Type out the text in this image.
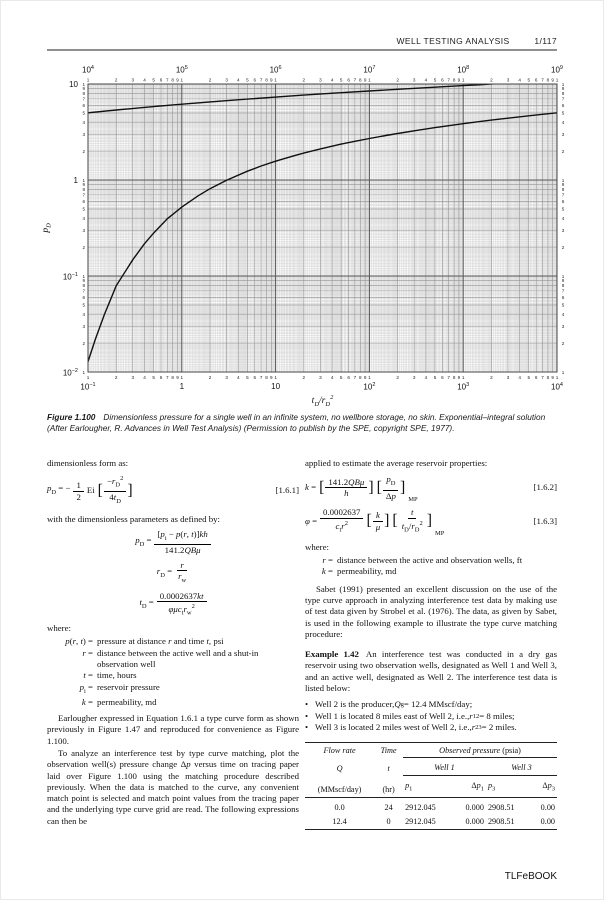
WELL TESTING ANALYSIS	1/117
1
1
2
2
3
3
4
4
5
5
6
6
7
7
8
8
9
9
1
1
2
2
3
3
4
4
5
5
6
6
7
7
8
8
9
9
1
1
2
2
3
3
4
4
5
5
6
6
7
7
8
8
9
9
1
1
2
2
3
3
4
4
5
5
6
6
7
7
8
8
9
9
1
1
2
2
3
3
4
4
5
5
6
6
7
7
8
8
9
9
1
1
1	1
2	2
3	3
4	4
5	5
6	6
7	7
8	8
9	9
1	1
2	2
3	3
4	4
5	5
6	6
7	7
8	8
9	9
1	1
2	2
3	3
4	4
5	5
6	6
7	7
8	8
9	9
1	1
$10^4$	$10^5$	$10^6$	$10^7$	$10^8$	$10^9$
$10^{-1}$	1	10	$10^2$	$10^3$	$10^4$
10
1
$10^{-1}$
$10^{-2}$
$t_D/r_D^2$
$p_D$
Figure 1.100 Dimensionless pressure for a single well in an infinite system, no wellbore storage, no skin. Exponential–integral solution (After Earlougher, R. Advances in Well Test Analysis) (Permission to publish by the SPE, copyright SPE, 1977).
dimensionless form as:
$p_D$ = − $\frac{1}{2}$ Ei [ $\frac{-r_D^2}{4t_D}$
]	[1.6.1]
with the dimensionless parameters as defined by:
$p_D = \frac{[p_i - p(r, t)]kh}{\text{141.2QBμ}}$
$r_D = \frac{r}{r_w}$
$t_D = \frac{0.0002637kt}{\varphi\mu c_tr_w^2}$
where:
p(r, t) = pressure at distance r and time t, psi
r = distance between the active well and a shut-in observation well
t = time, hours
$p_i$ = reservoir pressure
k = permeability, md

Earlougher expressed in Equation 1.6.1 a type curve form as shown previously in Figure 1.47 and reproduced for convenience as Figure 1.100.

To analyze an interference test by type curve matching, plot the observation well(s) pressure change Δp versus time on tracing paper laid over Figure 1.100 using the matching procedure described previously. When the data is matched to the curve, any convenient match point is selected and match point values from the tracing paper and the underlying type curve grid are read. The following expressions can then be

applied to estimate the average reservoir properties:
k = [ $\frac{\text{141.2QBμ}}{h}$
] [ $\frac{p_D}{\Delta p}$
] MP
[1.6.2]
$\varphi = \frac{0.0002637}{c_tr^2}$ [ $\frac{k}{\mu}$
] [ $\frac{t}{t_D/r_D^2}$
] MP
[1.6.3]
where:
r = distance between the active and observation wells, ft
k = permeability, md

Sabet (1991) presented an excellent discussion on the use of the type curve approach in analyzing interference test data by making use of test data given by Strobel et al. (1976). The data, as given by Sabet, is used in the following example to illustrate the type curve matching procedure:

Example 1.42 An interference test was conducted in a dry gas reservoir using two observation wells, designated as Well 1 and Well 3, and an active well, designated as Well 2. The interference test data is listed below:
• Well 2 is the producer, Q g = 12.4 MMscf/day;
• Well 1 is located 8 miles east of Well 2, i.e., r 12 = 8 miles;
• Well 3 is located 2 miles west of Well 2, i.e., r 23 = 2 miles.
Flow rate	Time	Observed pressure (psia)			
Q	t	Well 1		Well 3	
(MMscf/day)	(hr)	$p_1$	$\Delta p_1$	$p_3$	$\Delta p_3$
0.0	24	2912.045	0.000	2908.51	0.00
12.4	0	2912.045	0.000	2908.51	0.00
TLFeBOOK
